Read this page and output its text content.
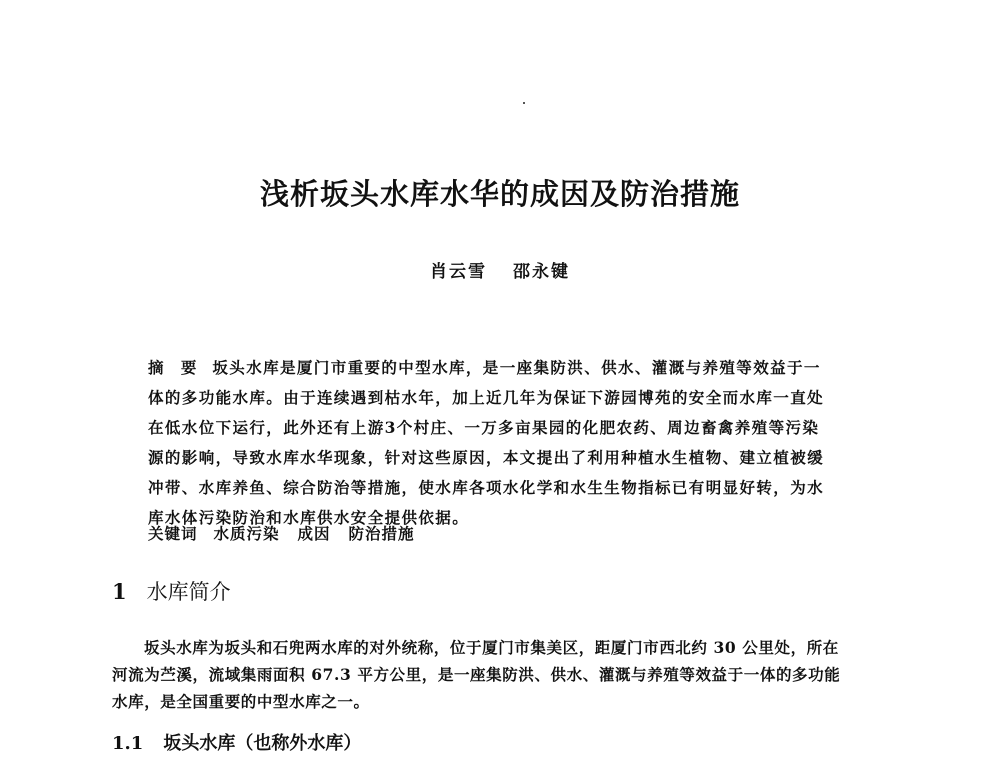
浅析坂头水库水华的成因及防治措施
肖云雪 邵永键
摘 要 坂头水库是厦门市重要的中型水库，是一座集防洪、供水、灌溉与养殖等效益于一
体的多功能水库。由于连续遇到枯水年，加上近几年为保证下游园博苑的安全而水库一直处
在低水位下运行，此外还有上游3个村庄、一万多亩果园的化肥农药、周边畜禽养殖等污染
源的影响，导致水库水华现象，针对这些原因，本文提出了利用种植水生植物、建立植被缓
冲带、水库养鱼、综合防治等措施，使水库各项水化学和水生生物指标已有明显好转，为水
库水体污染防治和水库供水安全提供依据。
关键词 水质污染 成因 防治措施
1 水库简介
坂头水库为坂头和石兜两水库的对外统称，位于厦门市集美区，距厦门市西北约 30 公里处，所在
河流为苎溪，流域集雨面积 67.3 平方公里，是一座集防洪、供水、灌溉与养殖等效益于一体的多功能
水库，是全国重要的中型水库之一。
1.1 坂头水库（也称外水库）
